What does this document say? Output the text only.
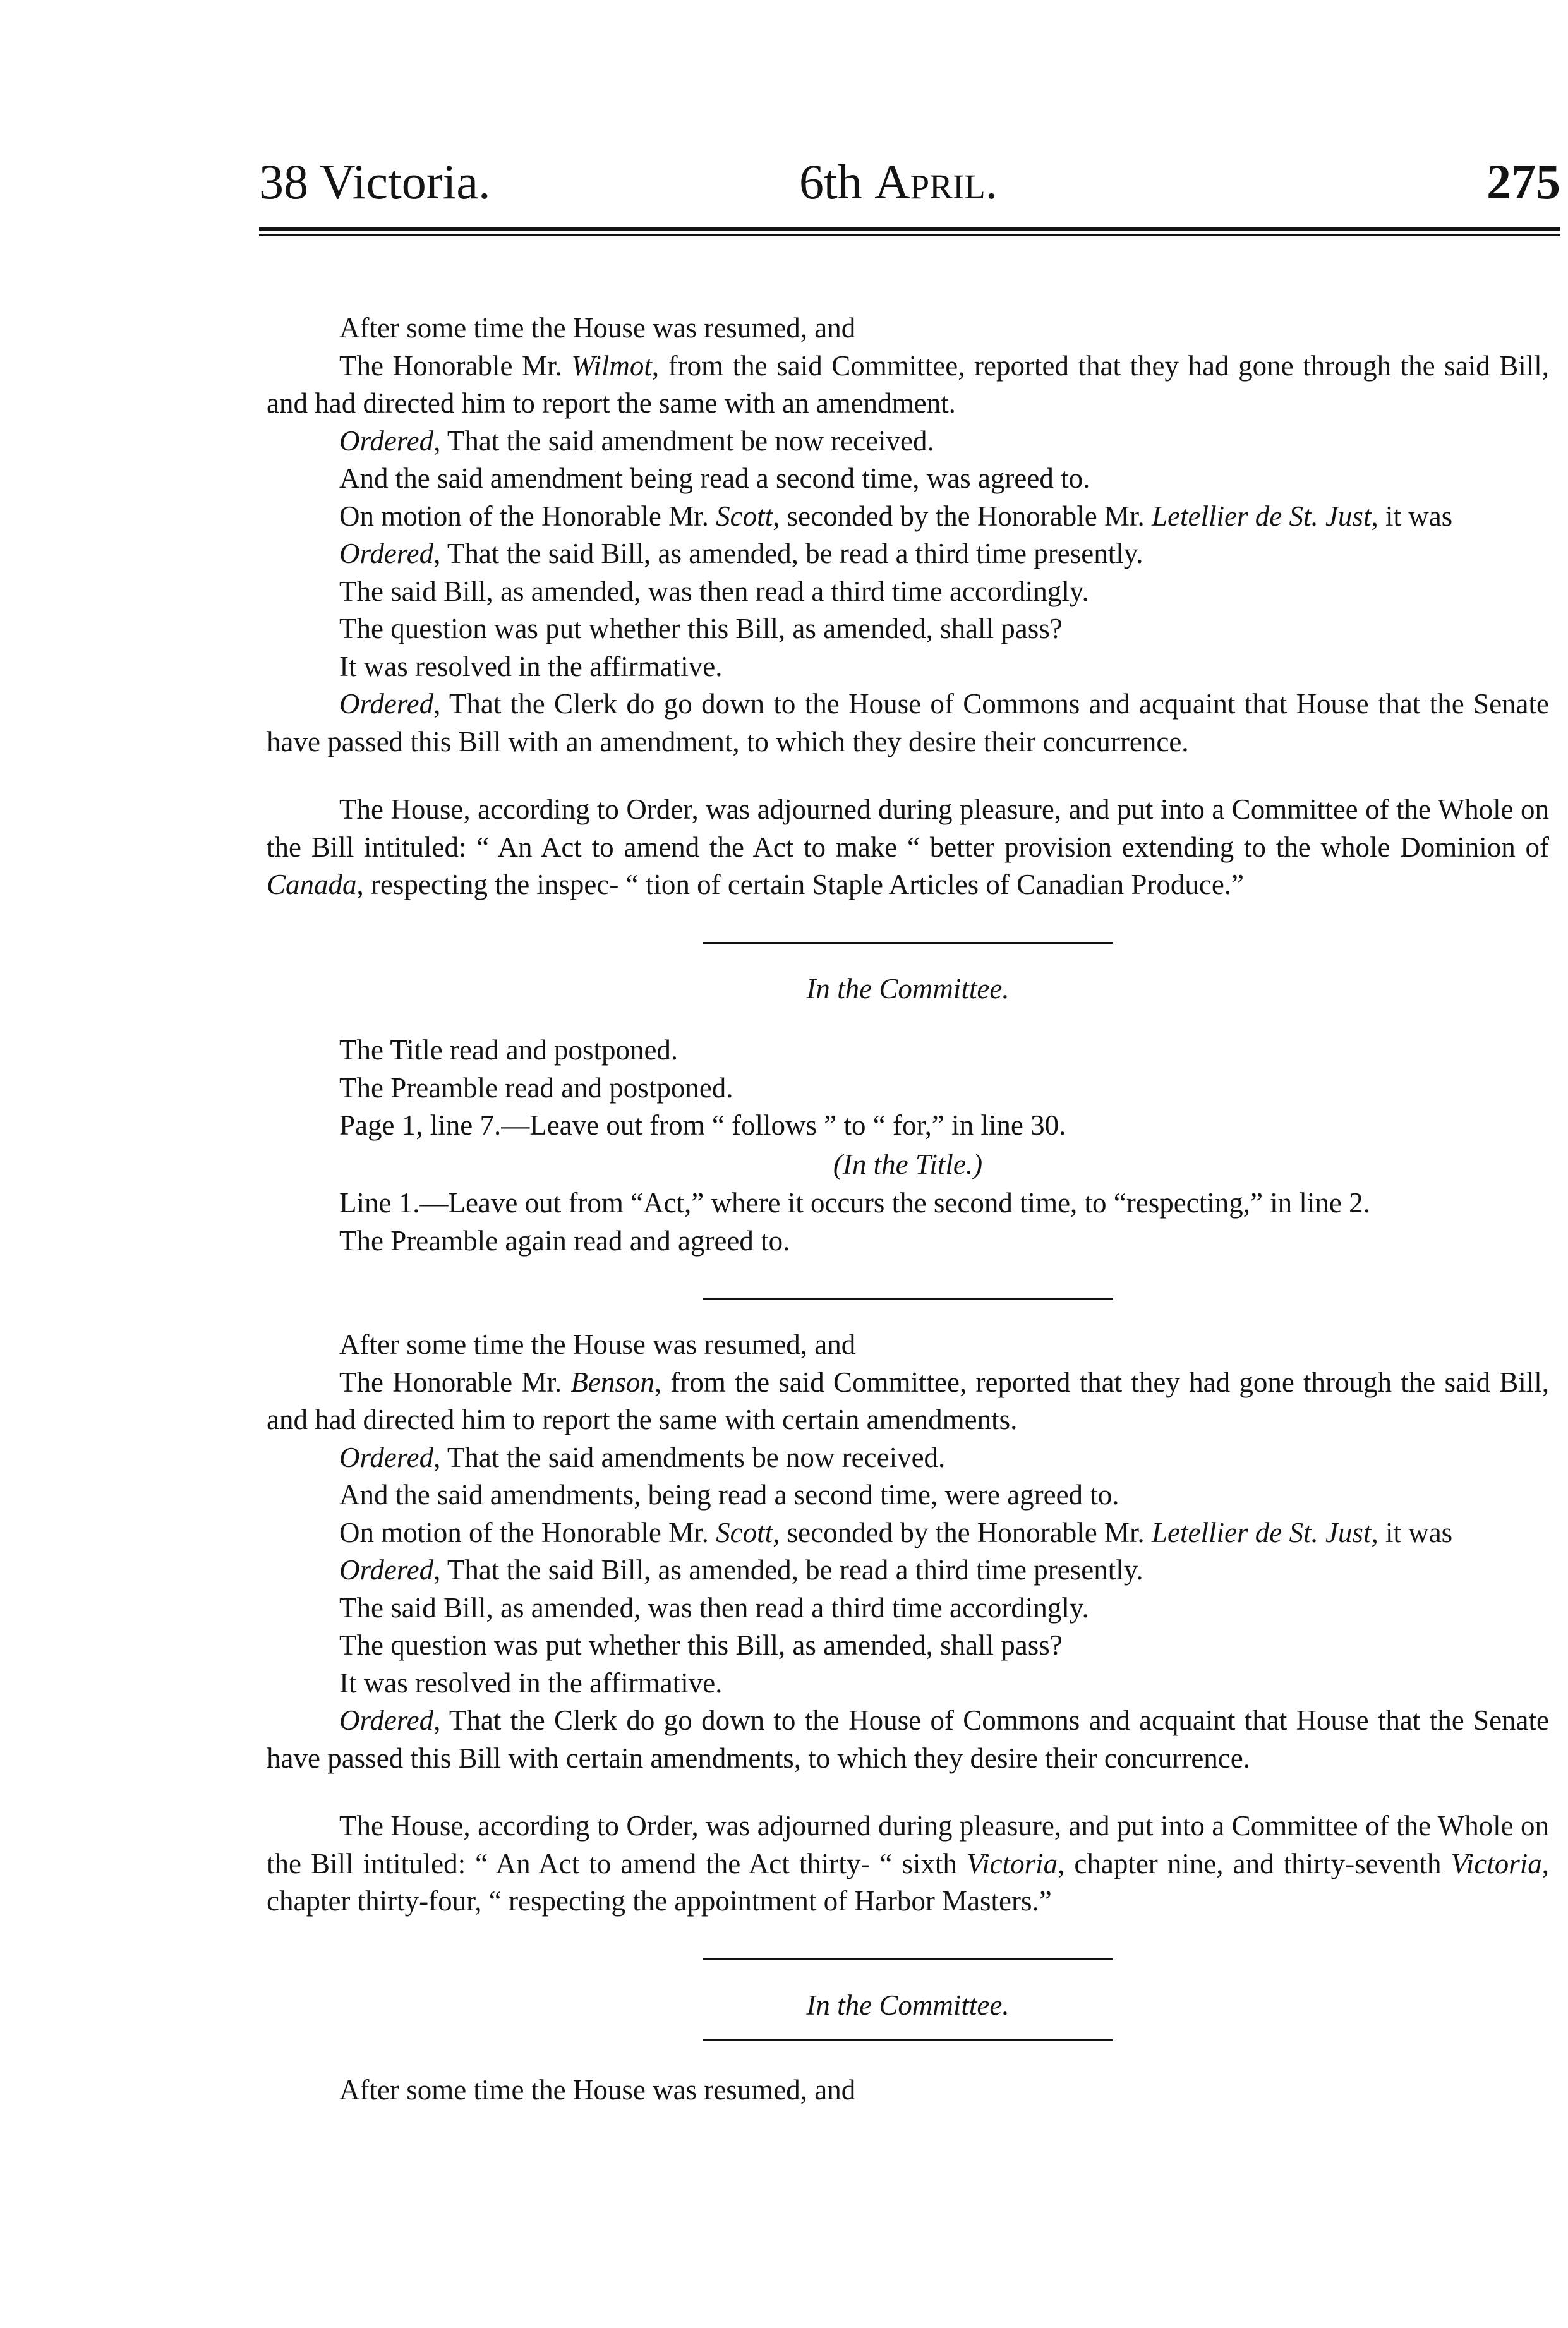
38 Victoria.	6th April.	275

After some time the House was resumed, and

The Honorable Mr. Wilmot, from the said Committee, reported that they had gone through the said Bill, and had directed him to report the same with an amendment.

Ordered, That the said amendment be now received.

And the said amendment being read a second time, was agreed to.

On motion of the Honorable Mr. Scott, seconded by the Honorable Mr. Letellier de St. Just, it was

Ordered, That the said Bill, as amended, be read a third time presently.

The said Bill, as amended, was then read a third time accordingly.

The question was put whether this Bill, as amended, shall pass?

It was resolved in the affirmative.

Ordered, That the Clerk do go down to the House of Commons and acquaint that House that the Senate have passed this Bill with an amendment, to which they desire their concurrence.

The House, according to Order, was adjourned during pleasure, and put into a Committee of the Whole on the Bill intituled: “ An Act to amend the Act to make “ better provision extending to the whole Dominion of Canada, respecting the inspec- “ tion of certain Staple Articles of Canadian Produce.”

In the Committee.

The Title read and postponed.

The Preamble read and postponed.

Page 1, line 7.—Leave out from “ follows ” to “ for,” in line 30.

(In the Title.)

Line 1.—Leave out from “Act,” where it occurs the second time, to “respecting,” in line 2.

The Preamble again read and agreed to.

After some time the House was resumed, and

The Honorable Mr. Benson, from the said Committee, reported that they had gone through the said Bill, and had directed him to report the same with certain amendments.

Ordered, That the said amendments be now received.

And the said amendments, being read a second time, were agreed to.

On motion of the Honorable Mr. Scott, seconded by the Honorable Mr. Letellier de St. Just, it was

Ordered, That the said Bill, as amended, be read a third time presently.

The said Bill, as amended, was then read a third time accordingly.

The question was put whether this Bill, as amended, shall pass?

It was resolved in the affirmative.

Ordered, That the Clerk do go down to the House of Commons and acquaint that House that the Senate have passed this Bill with certain amendments, to which they desire their concurrence.

The House, according to Order, was adjourned during pleasure, and put into a Committee of the Whole on the Bill intituled: “ An Act to amend the Act thirty- “ sixth Victoria, chapter nine, and thirty-seventh Victoria, chapter thirty-four, “ respecting the appointment of Harbor Masters.”

In the Committee.

After some time the House was resumed, and
